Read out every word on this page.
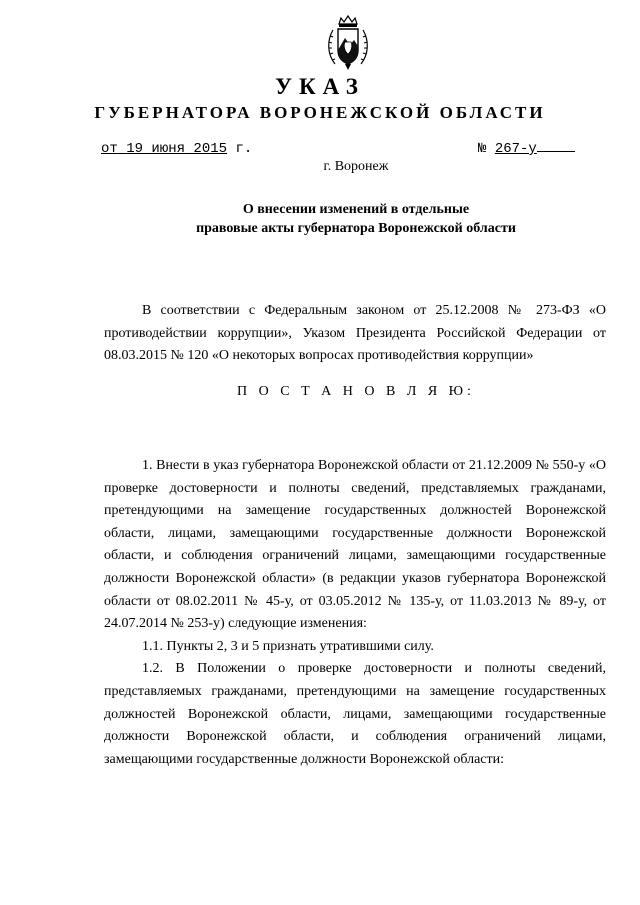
УКАЗ
ГУБЕРНАТОРА ВОРОНЕЖСКОЙ ОБЛАСТИ
от 19 июня 2015 г.	№ 267-у
г. Воронеж
О внесении изменений в отдельные
правовые акты губернатора Воронежской области

В соответствии с Федеральным законом от 25.12.2008 № 273-ФЗ «О противодействии коррупции», Указом Президента Российской Федерации от 08.03.2015 № 120 «О некоторых вопросах противодействия коррупции»

П О С Т А Н О В Л Я Ю:

1. Внести в указ губернатора Воронежской области от 21.12.2009 № 550-у «О проверке достоверности и полноты сведений, представляемых гражданами, претендующими на замещение государственных должностей Воронежской области, лицами, замещающими государственные должности Воронежской области, и соблюдения ограничений лицами, замещающими государственные должности Воронежской области» (в редакции указов губернатора Воронежской области от 08.02.2011 № 45-у, от 03.05.2012 № 135-у, от 11.03.2013 № 89-у, от 24.07.2014 № 253-у) следующие изменения:

1.1. Пункты 2, 3 и 5 признать утратившими силу.

1.2. В Положении о проверке достоверности и полноты сведений, представляемых гражданами, претендующими на замещение государственных должностей Воронежской области, лицами, замещающими государственные должности Воронежской области, и соблюдения ограничений лицами, замещающими государственные должности Воронежской области:
